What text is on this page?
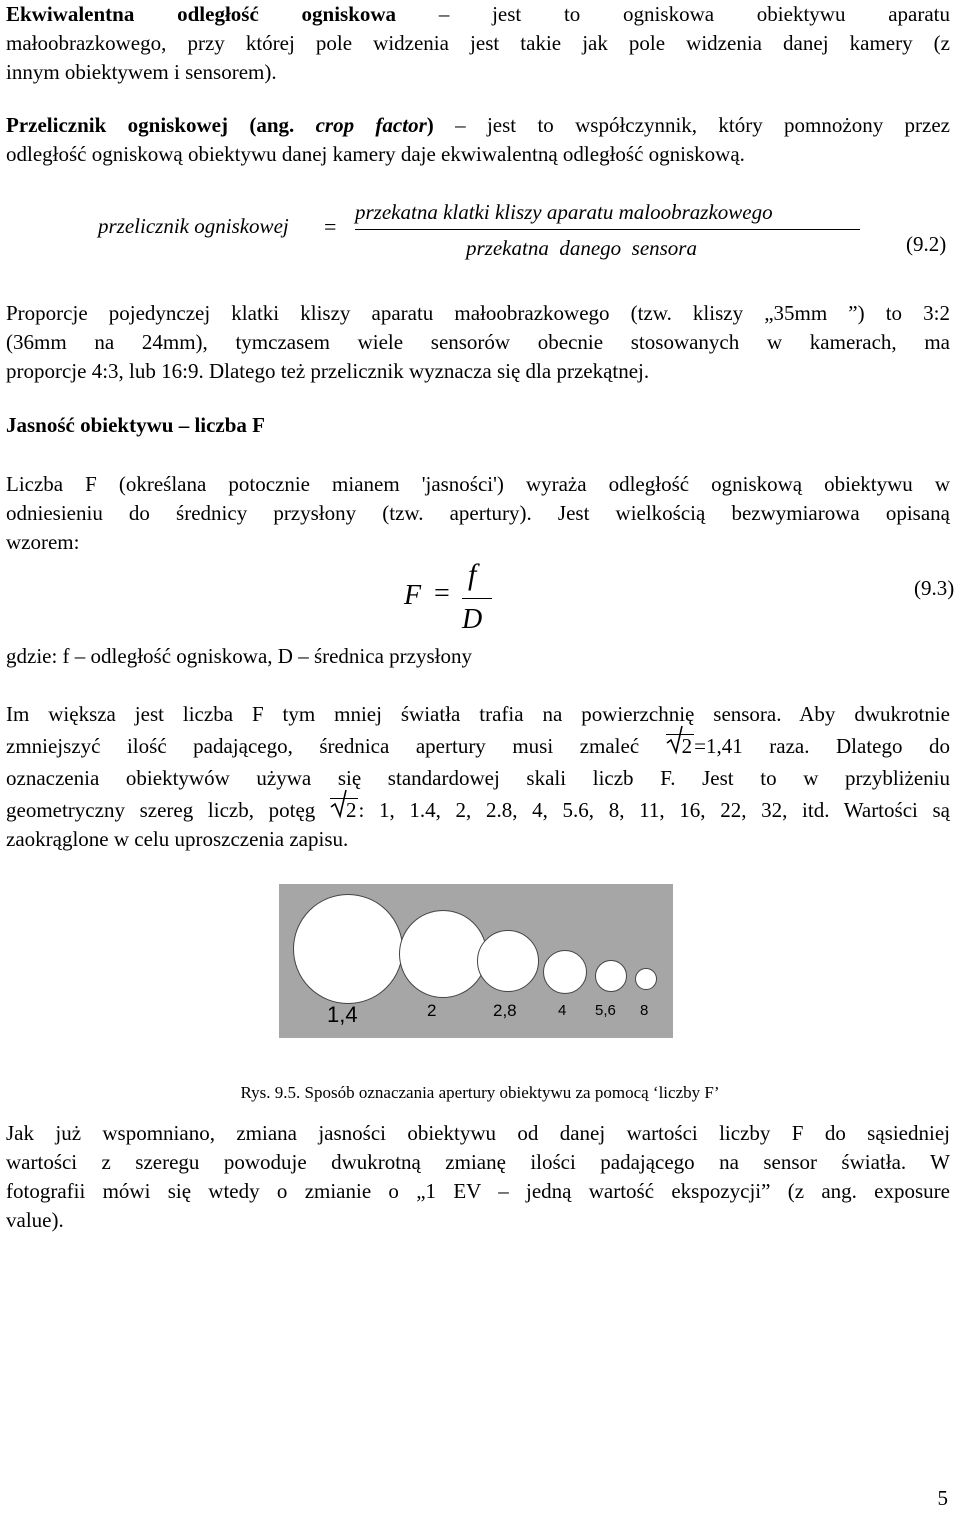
Ekwiwalentna odległość ogniskowa – jest to ogniskowa obiektywu aparatu

małoobrazkowego, przy której pole widzenia jest takie jak pole widzenia danej kamery (z

innym obiektywem i sensorem).

Przelicznik ogniskowej (ang. crop factor) – jest to współczynnik, który pomnożony przez

odległość ogniskową obiektywu danej kamery daje ekwiwalentną odległość ogniskową.

przelicznik ogniskowej =
przekatna klatki kliszy aparatu maloobrazkowego
przekatna  danego  sensora	(9.2)

Proporcje pojedynczej klatki kliszy aparatu małoobrazkowego (tzw. kliszy „35mm ”) to 3:2

(36mm na 24mm), tymczasem wiele sensorów obecnie stosowanych w kamerach, ma

proporcje 4:3, lub 16:9. Dlatego też przelicznik wyznacza się dla przekątnej.

Jasność obiektywu – liczba F

Liczba F (określana potocznie mianem 'jasności') wyraża odległość ogniskową obiektywu w

odniesieniu do średnicy przysłony (tzw. apertury). Jest wielkością bezwymiarowa opisaną

wzorem:

F =
f
D
(9.3)

gdzie: f – odległość ogniskowa, D – średnica przysłony

Im większa jest liczba F tym mniej światła trafia na powierzchnię sensora. Aby dwukrotnie

zmniejszyć ilość padającego, średnica apertury musi zmaleć 2=1,41 raza. Dlatego do

oznaczenia obiektywów używa się standardowej skali liczb F. Jest to w przybliżeniu

geometryczny szereg liczb, potęg 2: 1, 1.4, 2, 2.8, 4, 5.6, 8, 11, 16, 22, 32, itd. Wartości są

zaokrąglone w celu uproszczenia zapisu.

1,4	2	2,8	4 5,6 8

Rys. 9.5. Sposób oznaczania apertury obiektywu za pomocą ‘liczby F’

Jak już wspomniano, zmiana jasności obiektywu od danej wartości liczby F do sąsiedniej

wartości z szeregu powoduje dwukrotną zmianę ilości padającego na sensor światła. W

fotografii mówi się wtedy o zmianie o „1 EV – jedną wartość ekspozycji” (z ang. exposure

value).

5
